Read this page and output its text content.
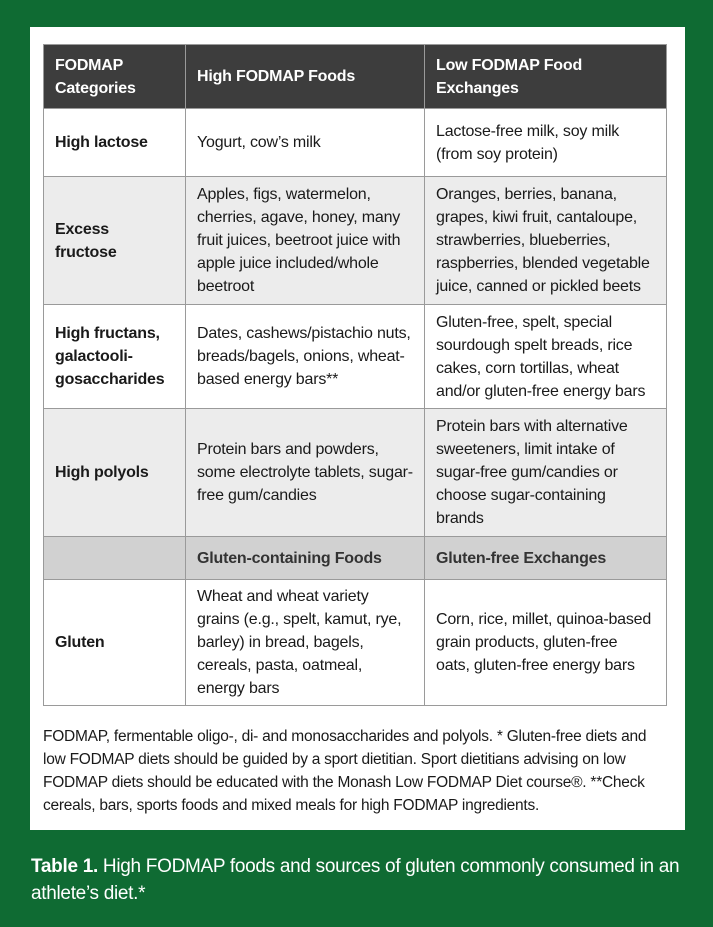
FODMAP Categories	High FODMAP Foods	Low FODMAP Food Exchanges
High lactose	Yogurt, cow’s milk	Lactose-free milk, soy milk (from soy protein)
Excess fructose	Apples, figs, watermelon, cherries, agave, honey, many fruit juices, beetroot juice with apple juice included/whole beetroot	Oranges, berries, banana, grapes, kiwi fruit, cantaloupe, strawberries, blueberries, raspberries, blended vegetable juice, canned or pickled beets
High fructans, galactooli-gosaccharides	Dates, cashews/pistachio nuts, breads/bagels, onions, wheat-based energy bars**	Gluten-free, spelt, special sourdough spelt breads, rice cakes, corn tortillas, wheat and/or gluten-free energy bars
High polyols	Protein bars and powders, some electrolyte tablets, sugar-free gum/candies	Protein bars with alternative sweeteners, limit intake of sugar-free gum/candies or choose sugar-containing brands
	Gluten-containing Foods	Gluten-free Exchanges
Gluten	Wheat and wheat variety grains (e.g., spelt, kamut, rye, barley) in bread, bagels, cereals, pasta, oatmeal, energy bars	Corn, rice, millet, quinoa-based grain products, gluten-free oats, gluten-free energy bars
FODMAP, fermentable oligo-, di- and monosaccharides and polyols. * Gluten-free diets and low FODMAP diets should be guided by a sport dietitian. Sport dietitians advising on low FODMAP diets should be educated with the Monash Low FODMAP Diet course®. **Check cereals, bars, sports foods and mixed meals for high FODMAP ingredients.
Table 1. High FODMAP foods and sources of gluten commonly consumed in an athlete’s diet.*
